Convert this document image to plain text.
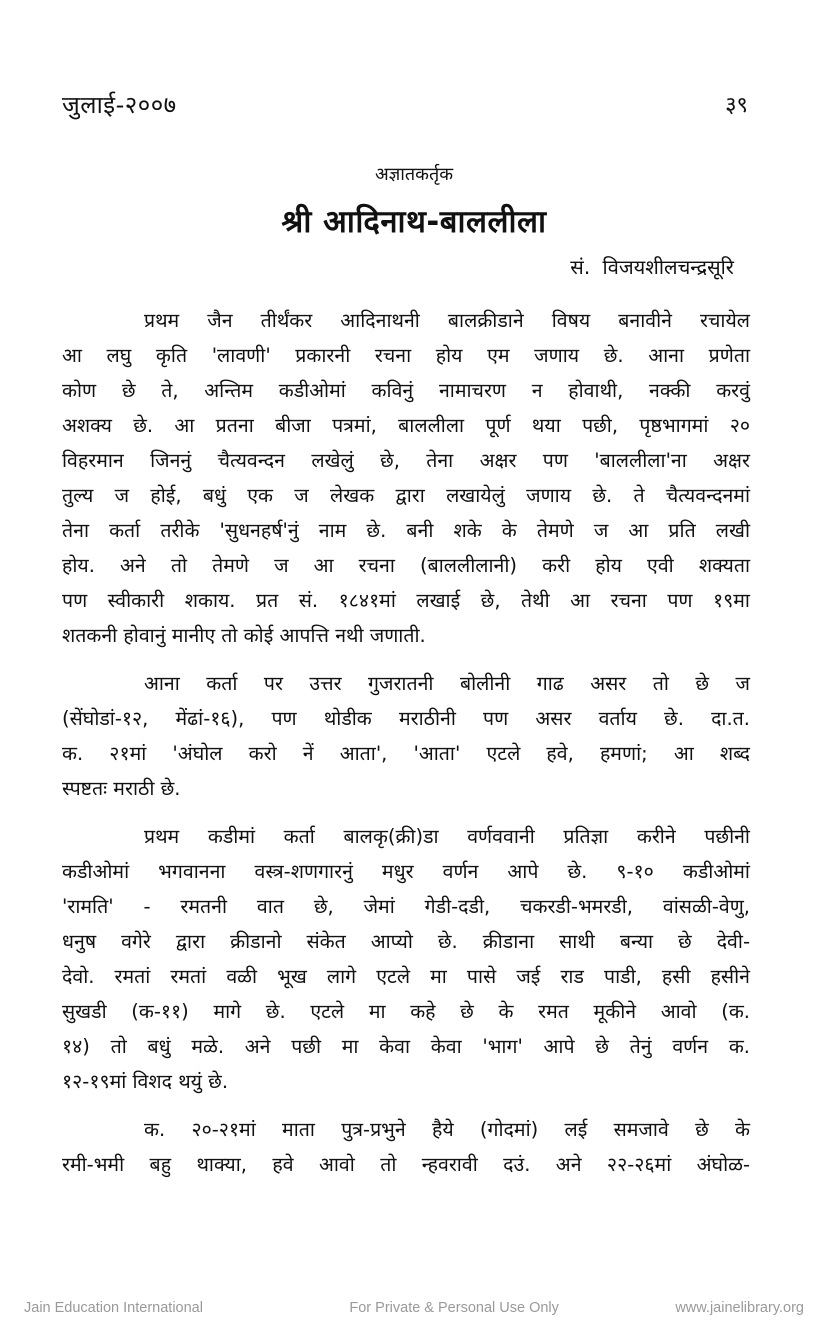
जुलाई-२००७	३९
अज्ञातकर्तृक
श्री आदिनाथ-बाललीला
सं. विजयशीलचन्द्रसूरि

प्रथम जैन तीर्थंकर आदिनाथनी बालक्रीडाने विषय बनावीने रचायेल
आ लघु कृति 'लावणी' प्रकारनी रचना होय एम जणाय छे. आना प्रणेता
कोण छे ते, अन्तिम कडीओमां कविनुं नामाचरण न होवाथी, नक्की करवुं
अशक्य छे. आ प्रतना बीजा पत्रमां, बाललीला पूर्ण थया पछी, पृष्ठभागमां २०
विहरमान जिननुं चैत्यवन्दन लखेलुं छे, तेना अक्षर पण 'बाललीला'ना अक्षर
तुल्य ज होई, बधुं एक ज लेखक द्वारा लखायेलुं जणाय छे. ते चैत्यवन्दनमां
तेना कर्ता तरीके 'सुधनहर्ष'नुं नाम छे. बनी शके के तेमणे ज आ प्रति लखी
होय. अने तो तेमणे ज आ रचना (बाललीलानी) करी होय एवी शक्यता
पण स्वीकारी शकाय. प्रत सं. १८४१मां लखाई छे, तेथी आ रचना पण १९मा
शतकनी होवानुं मानीए तो कोई आपत्ति नथी जणाती.

आना कर्ता पर उत्तर गुजरातनी बोलीनी गाढ असर तो छे ज
(सेंघोडां-१२, मेंढां-१६), पण थोडीक मराठीनी पण असर वर्ताय छे. दा.त.
क. २१मां 'अंघोल करो नें आता', 'आता' एटले हवे, हमणां; आ शब्द
स्पष्टतः मराठी छे.

प्रथम कडीमां कर्ता बालकृ(क्री)डा वर्णववानी प्रतिज्ञा करीने पछीनी
कडीओमां भगवानना वस्त्र-शणगारनुं मधुर वर्णन आपे छे. ९-१० कडीओमां
'रामति' - रमतनी वात छे, जेमां गेडी-दडी, चकरडी-भमरडी, वांसळी-वेणु,
धनुष वगेरे द्वारा क्रीडानो संकेत आप्यो छे. क्रीडाना साथी बन्या छे देवी-
देवो. रमतां रमतां वळी भूख लागे एटले मा पासे जई राड पाडी, हसी हसीने
सुखडी (क-११) मागे छे. एटले मा कहे छे के रमत मूकीने आवो (क.
१४) तो बधुं मळे. अने पछी मा केवा केवा 'भाग' आपे छे तेनुं वर्णन क.
१२-१९मां विशद थयुं छे.

क. २०-२१मां माता पुत्र-प्रभुने हैये (गोदमां) लई समजावे छे के
रमी-भमी बहु थाक्या, हवे आवो तो न्हवरावी दउं. अने २२-२६मां अंघोळ-

Jain Education International	For Private & Personal Use Only	www.jainelibrary.org
